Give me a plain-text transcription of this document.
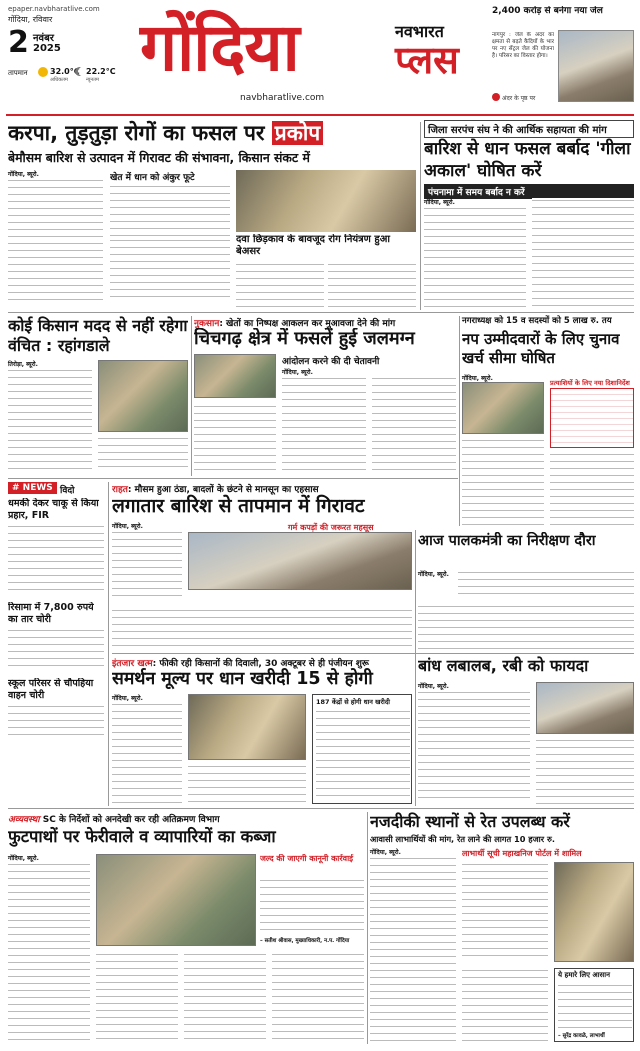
epaper.navbharatlive.com
गोंदिया, रविवार
2 नवंबर
2025
तापमान	32.0°C
अधिकतम
22.2°C
न्यूनतम गोंदिया	नवभारत
प्लस
navbharatlive.com
2,400 करोड़ से बनेगा नया जेल
नागपुर : जेल के अंदर का क्षमता से बढ़ते कैदियों के भार पर नए सेंट्रल जेल की योजना है। परिसर का विस्तार होगा।
अंदर के पृष्ठ पर
करपा, तुड़तुड़ा रोगों का फसल पर प्रकोप
बेमौसम बारिश से उत्पादन में गिरावट की संभावना, किसान संकट में
गोंदिया, ब्यूरो.	खेत में धान को अंकुर फूटे
दवा छिड़काव के बावजूद रोग नियंत्रण हुआ बेअसर
जिला सरपंच संघ ने की आर्थिक सहायता की मांग
बारिश से धान फसल बर्बाद 'गीला अकाल' घोषित करें
पंचनामा में समय बर्बाद न करें
गोंदिया, ब्यूरो.
कोई किसान मदद से नहीं रहेगा वंचित : रहांगडाले
तिरोड़ा, ब्यूरो.
नुकसान: खेतों का निष्पक्ष आकलन कर मुआवजा देने की मांग
चिचगढ़ क्षेत्र में फसलें हुई जलमग्न
आंदोलन करने की दी चेतावनी
गोंदिया, ब्यूरो.
नगराध्यक्ष को 15 व सदस्यों को 5 लाख रु. तय
नप उम्मीदवारों के लिए चुनाव खर्च सीमा घोषित
गोंदिया, ब्यूरो.
प्रत्याशियों के लिए नया दिशानिर्देश
# NEWS विदो
धमकी देकर चाकू से किया प्रहार, FIR
रिसामा में 7,800 रुपये का तार चोरी
स्कूल परिसर से चौपहिया वाहन चोरी
राहत: मौसम हुआ ठंडा, बादलों के छंटने से मानसून का एहसास
लगातार बारिश से तापमान में गिरावट
गोंदिया, ब्यूरो.	गर्म कपड़ों की जरूरत महसूस
आज पालकमंत्री का निरीक्षण दौरा
गोंदिया, ब्यूरो.
इंतजार खत्म: फीकी रही किसानों की दिवाली, 30 अक्टूबर से ही पंजीयन शुरू
समर्थन मूल्य पर धान खरीदी 15 से होगी
गोंदिया, ब्यूरो.	187 केंद्रों से होगी धान खरीदी
बांध लबालब, रबी को फायदा
गोंदिया, ब्यूरो.
अव्यवस्था SC के निर्देशों को अनदेखी कर रही अतिक्रमण विभाग
फुटपाथों पर फेरीवाले व व्यापारियों का कब्जा
गोंदिया, ब्यूरो.	जल्द की जाएगी कानूनी कार्रवाई
– सतीश श्रीवास, मुख्याधिकारी, न.प. गोंदिया
नजदीकी स्थानों से रेत उपलब्ध करें
आवासी लाभार्थियों की मांग, रेत लाने की लागत 10 हजार रु.
गोंदिया, ब्यूरो.	लाभार्थी सूची महाखनिज पोर्टल में शामिल
ये हमारे लिए आसान
– सुरेंद्र कावळे, लाभार्थी
